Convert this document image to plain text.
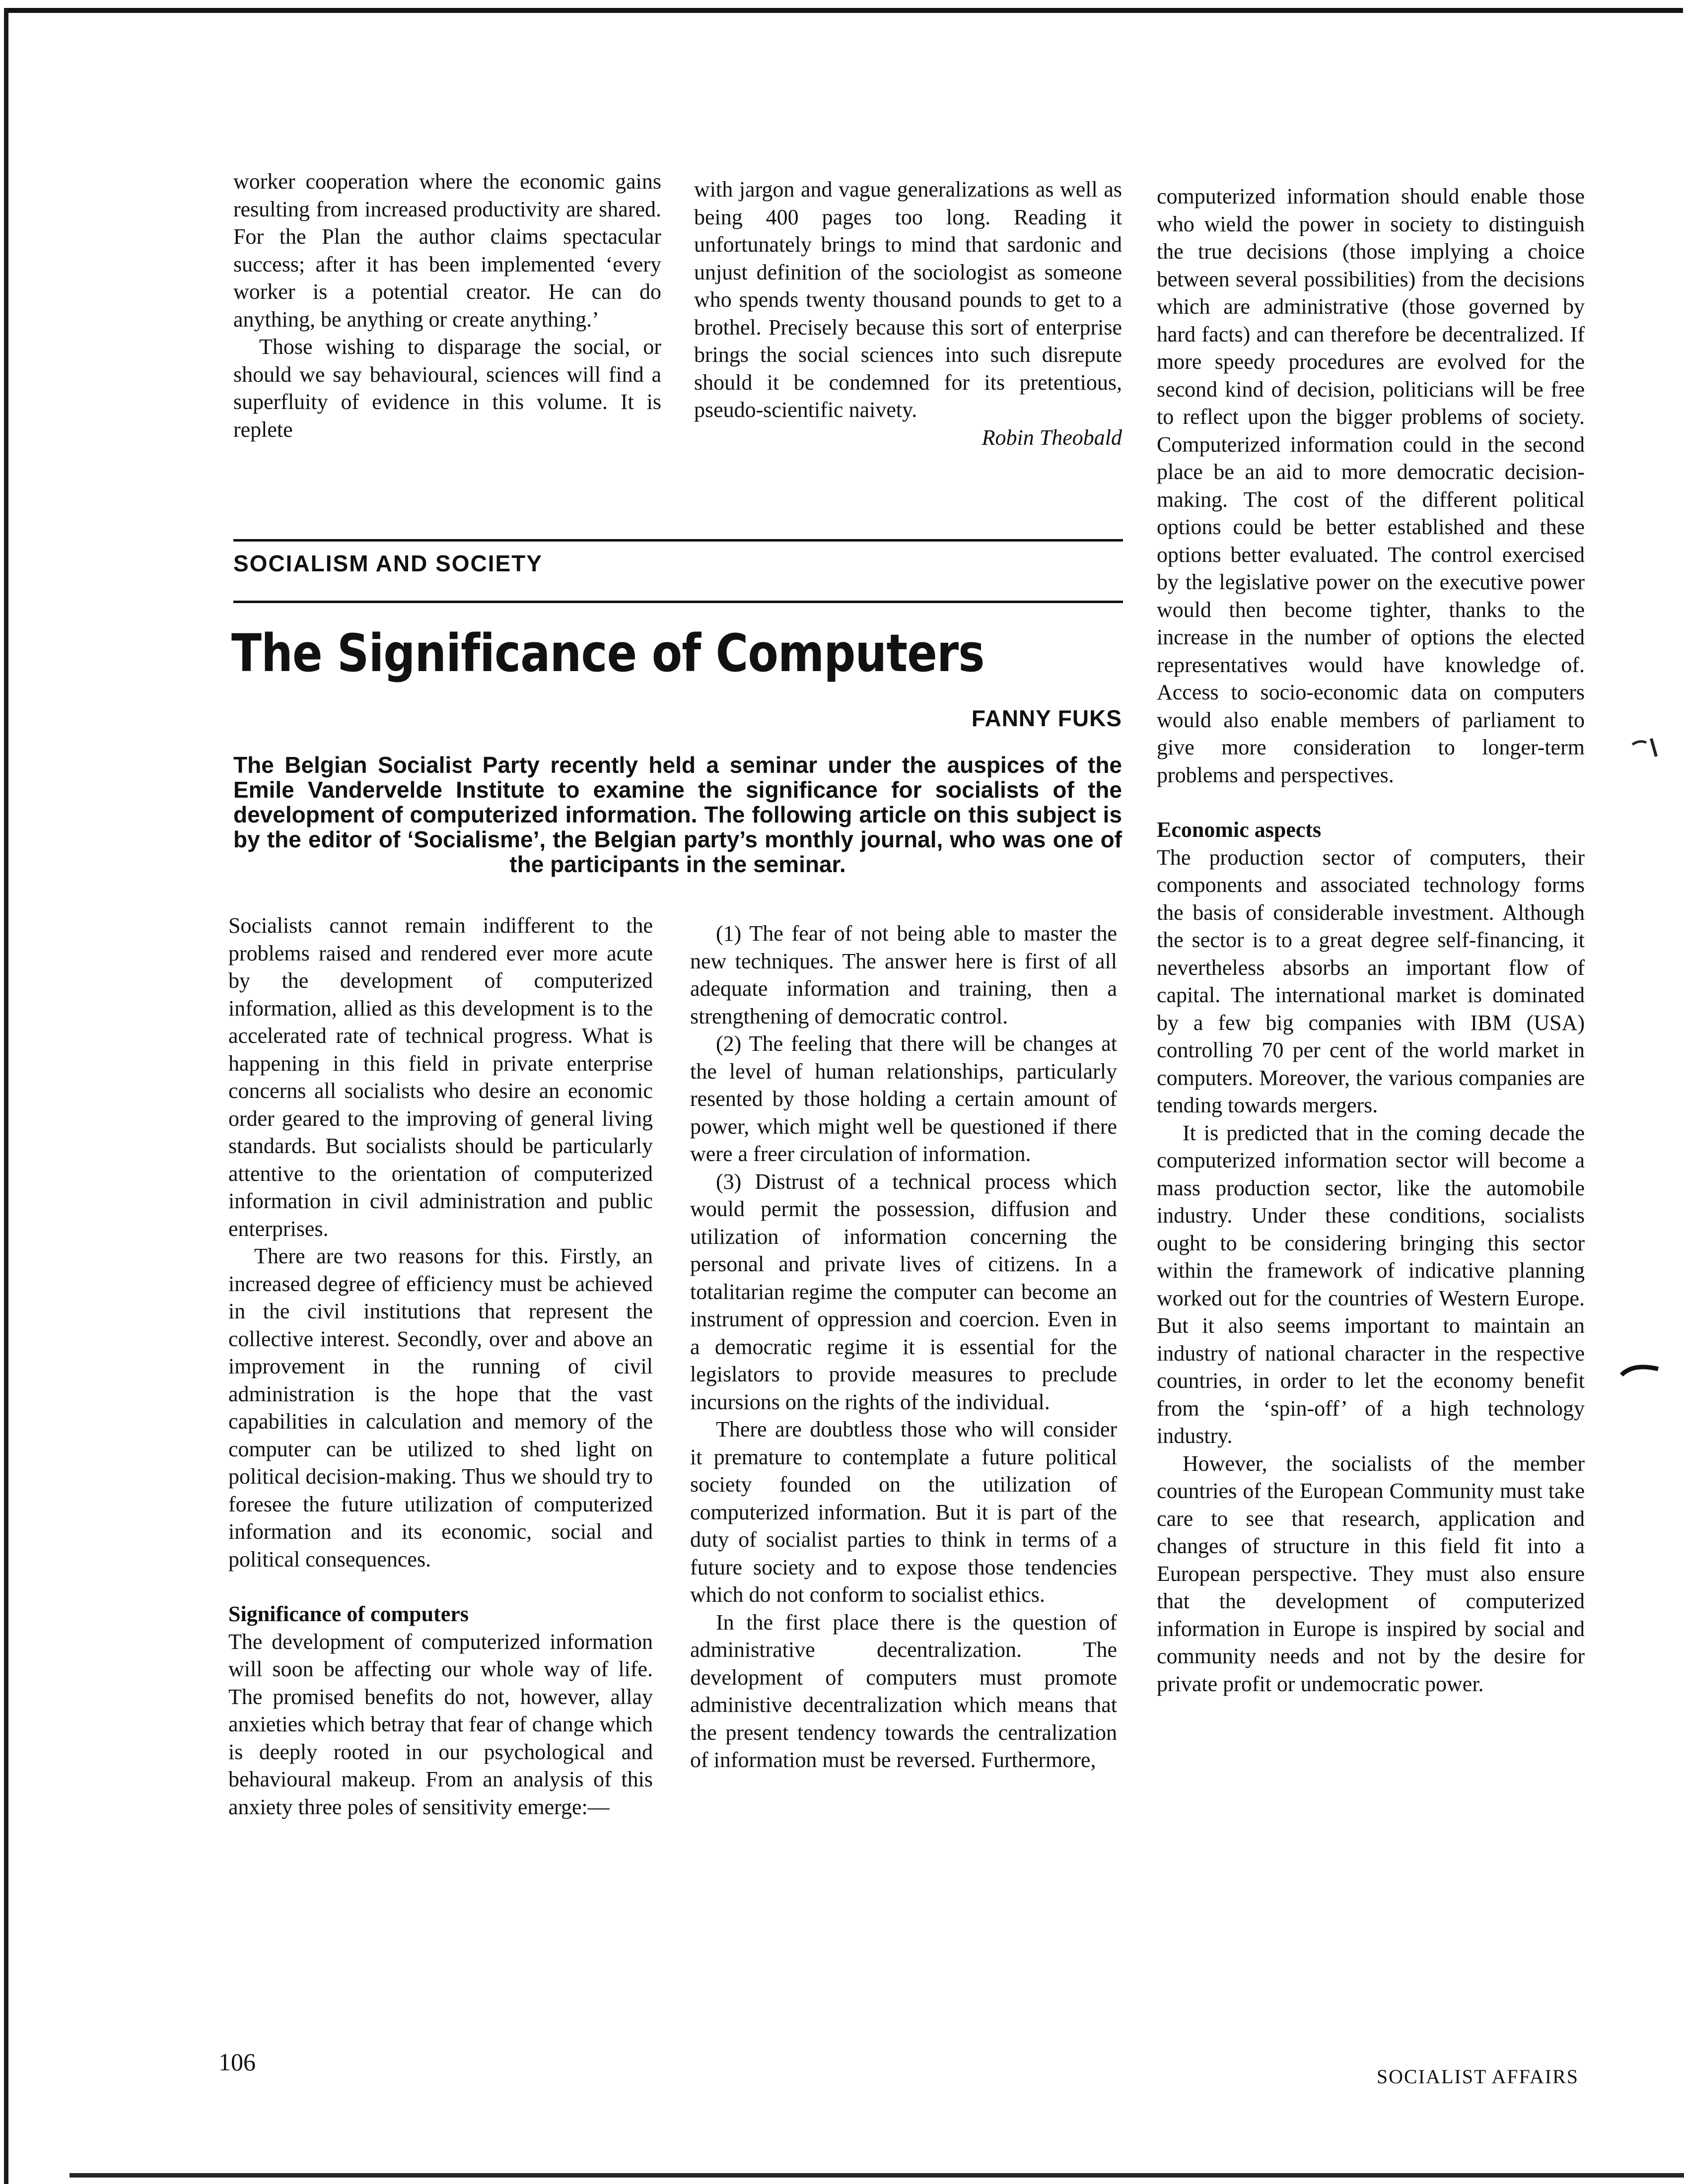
worker cooperation where the economic gains resulting from increased productivity are shared. For the Plan the author claims spectacular success; after it has been implemented ‘every worker is a potential creator. He can do anything, be anything or create anything.’

Those wishing to disparage the social, or should we say behavioural, sciences will find a superfluity of evidence in this volume. It is replete

with jargon and vague generalizations as well as being 400 pages too long. Reading it unfortunately brings to mind that sardonic and unjust definition of the sociologist as someone who spends twenty thousand pounds to get to a brothel. Precisely because this sort of enterprise brings the social sciences into such disrepute should it be condemned for its pretentious, pseudo-scientific naivety.

Robin Theobald

SOCIALISM AND SOCIETY
The Significance of Computers
FANNY FUKS
The Belgian Socialist Party recently held a seminar under the auspices of the Emile Vandervelde Institute to examine the significance for socialists of the development of computerized information. The following article on this subject is by the editor of ‘Socialisme’, the Belgian party’s monthly journal, who was one of the participants in the seminar.

Socialists cannot remain indifferent to the problems raised and rendered ever more acute by the development of computerized information, allied as this development is to the accelerated rate of technical progress. What is happening in this field in private enterprise concerns all socialists who desire an economic order geared to the improving of general living standards. But socialists should be particularly attentive to the orientation of computerized information in civil administration and public enterprises.

There are two reasons for this. Firstly, an increased degree of efficiency must be achieved in the civil institutions that represent the collective interest. Secondly, over and above an improvement in the running of civil administration is the hope that the vast capabilities in calculation and memory of the computer can be utilized to shed light on political decision-making. Thus we should try to foresee the future utilization of computerized information and its economic, social and political consequences.

Significance of computers

The development of computerized information will soon be affecting our whole way of life. The promised benefits do not, however, allay anxieties which betray that fear of change which is deeply rooted in our psychological and behavioural makeup. From an analysis of this anxiety three poles of sensitivity emerge:—

(1) The fear of not being able to master the new techniques. The answer here is first of all adequate information and training, then a strengthening of democratic control.

(2) The feeling that there will be changes at the level of human relationships, particularly resented by those holding a certain amount of power, which might well be questioned if there were a freer circulation of information.

(3) Distrust of a technical process which would permit the possession, diffusion and utilization of information concerning the personal and private lives of citizens. In a totalitarian regime the computer can become an instrument of oppression and coercion. Even in a democratic regime it is essential for the legislators to provide measures to preclude incursions on the rights of the individual.

There are doubtless those who will consider it premature to contemplate a future political society founded on the utilization of computerized information. But it is part of the duty of socialist parties to think in terms of a future society and to expose those tendencies which do not conform to socialist ethics.

In the first place there is the question of administrative decentralization. The development of computers must promote administive decentralization which means that the present tendency towards the centralization of information must be reversed. Furthermore,

computerized information should enable those who wield the power in society to distinguish the true decisions (those implying a choice between several possibilities) from the decisions which are administrative (those governed by hard facts) and can therefore be decentralized. If more speedy procedures are evolved for the second kind of decision, politicians will be free to reflect upon the bigger problems of society. Computerized information could in the second place be an aid to more democratic decision-making. The cost of the different political options could be better established and these options better evaluated. The control exercised by the legislative power on the executive power would then become tighter, thanks to the increase in the number of options the elected representatives would have knowledge of. Access to socio-economic data on computers would also enable members of parliament to give more consideration to longer-term problems and perspectives.

Economic aspects

The production sector of computers, their components and associated technology forms the basis of considerable investment. Although the sector is to a great degree self-financing, it nevertheless absorbs an important flow of capital. The international market is dominated by a few big companies with IBM (USA) controlling 70 per cent of the world market in computers. Moreover, the various companies are tending towards mergers.

It is predicted that in the coming decade the computerized information sector will become a mass production sector, like the automobile industry. Under these conditions, socialists ought to be considering bringing this sector within the framework of indicative planning worked out for the countries of Western Europe. But it also seems important to maintain an industry of national character in the respective countries, in order to let the economy benefit from the ‘spin-off’ of a high technology industry.

However, the socialists of the member countries of the European Community must take care to see that research, application and changes of structure in this field fit into a European perspective. They must also ensure that the development of computerized information in Europe is inspired by social and community needs and not by the desire for private profit or undemocratic power.

106
SOCIALIST AFFAIRS
